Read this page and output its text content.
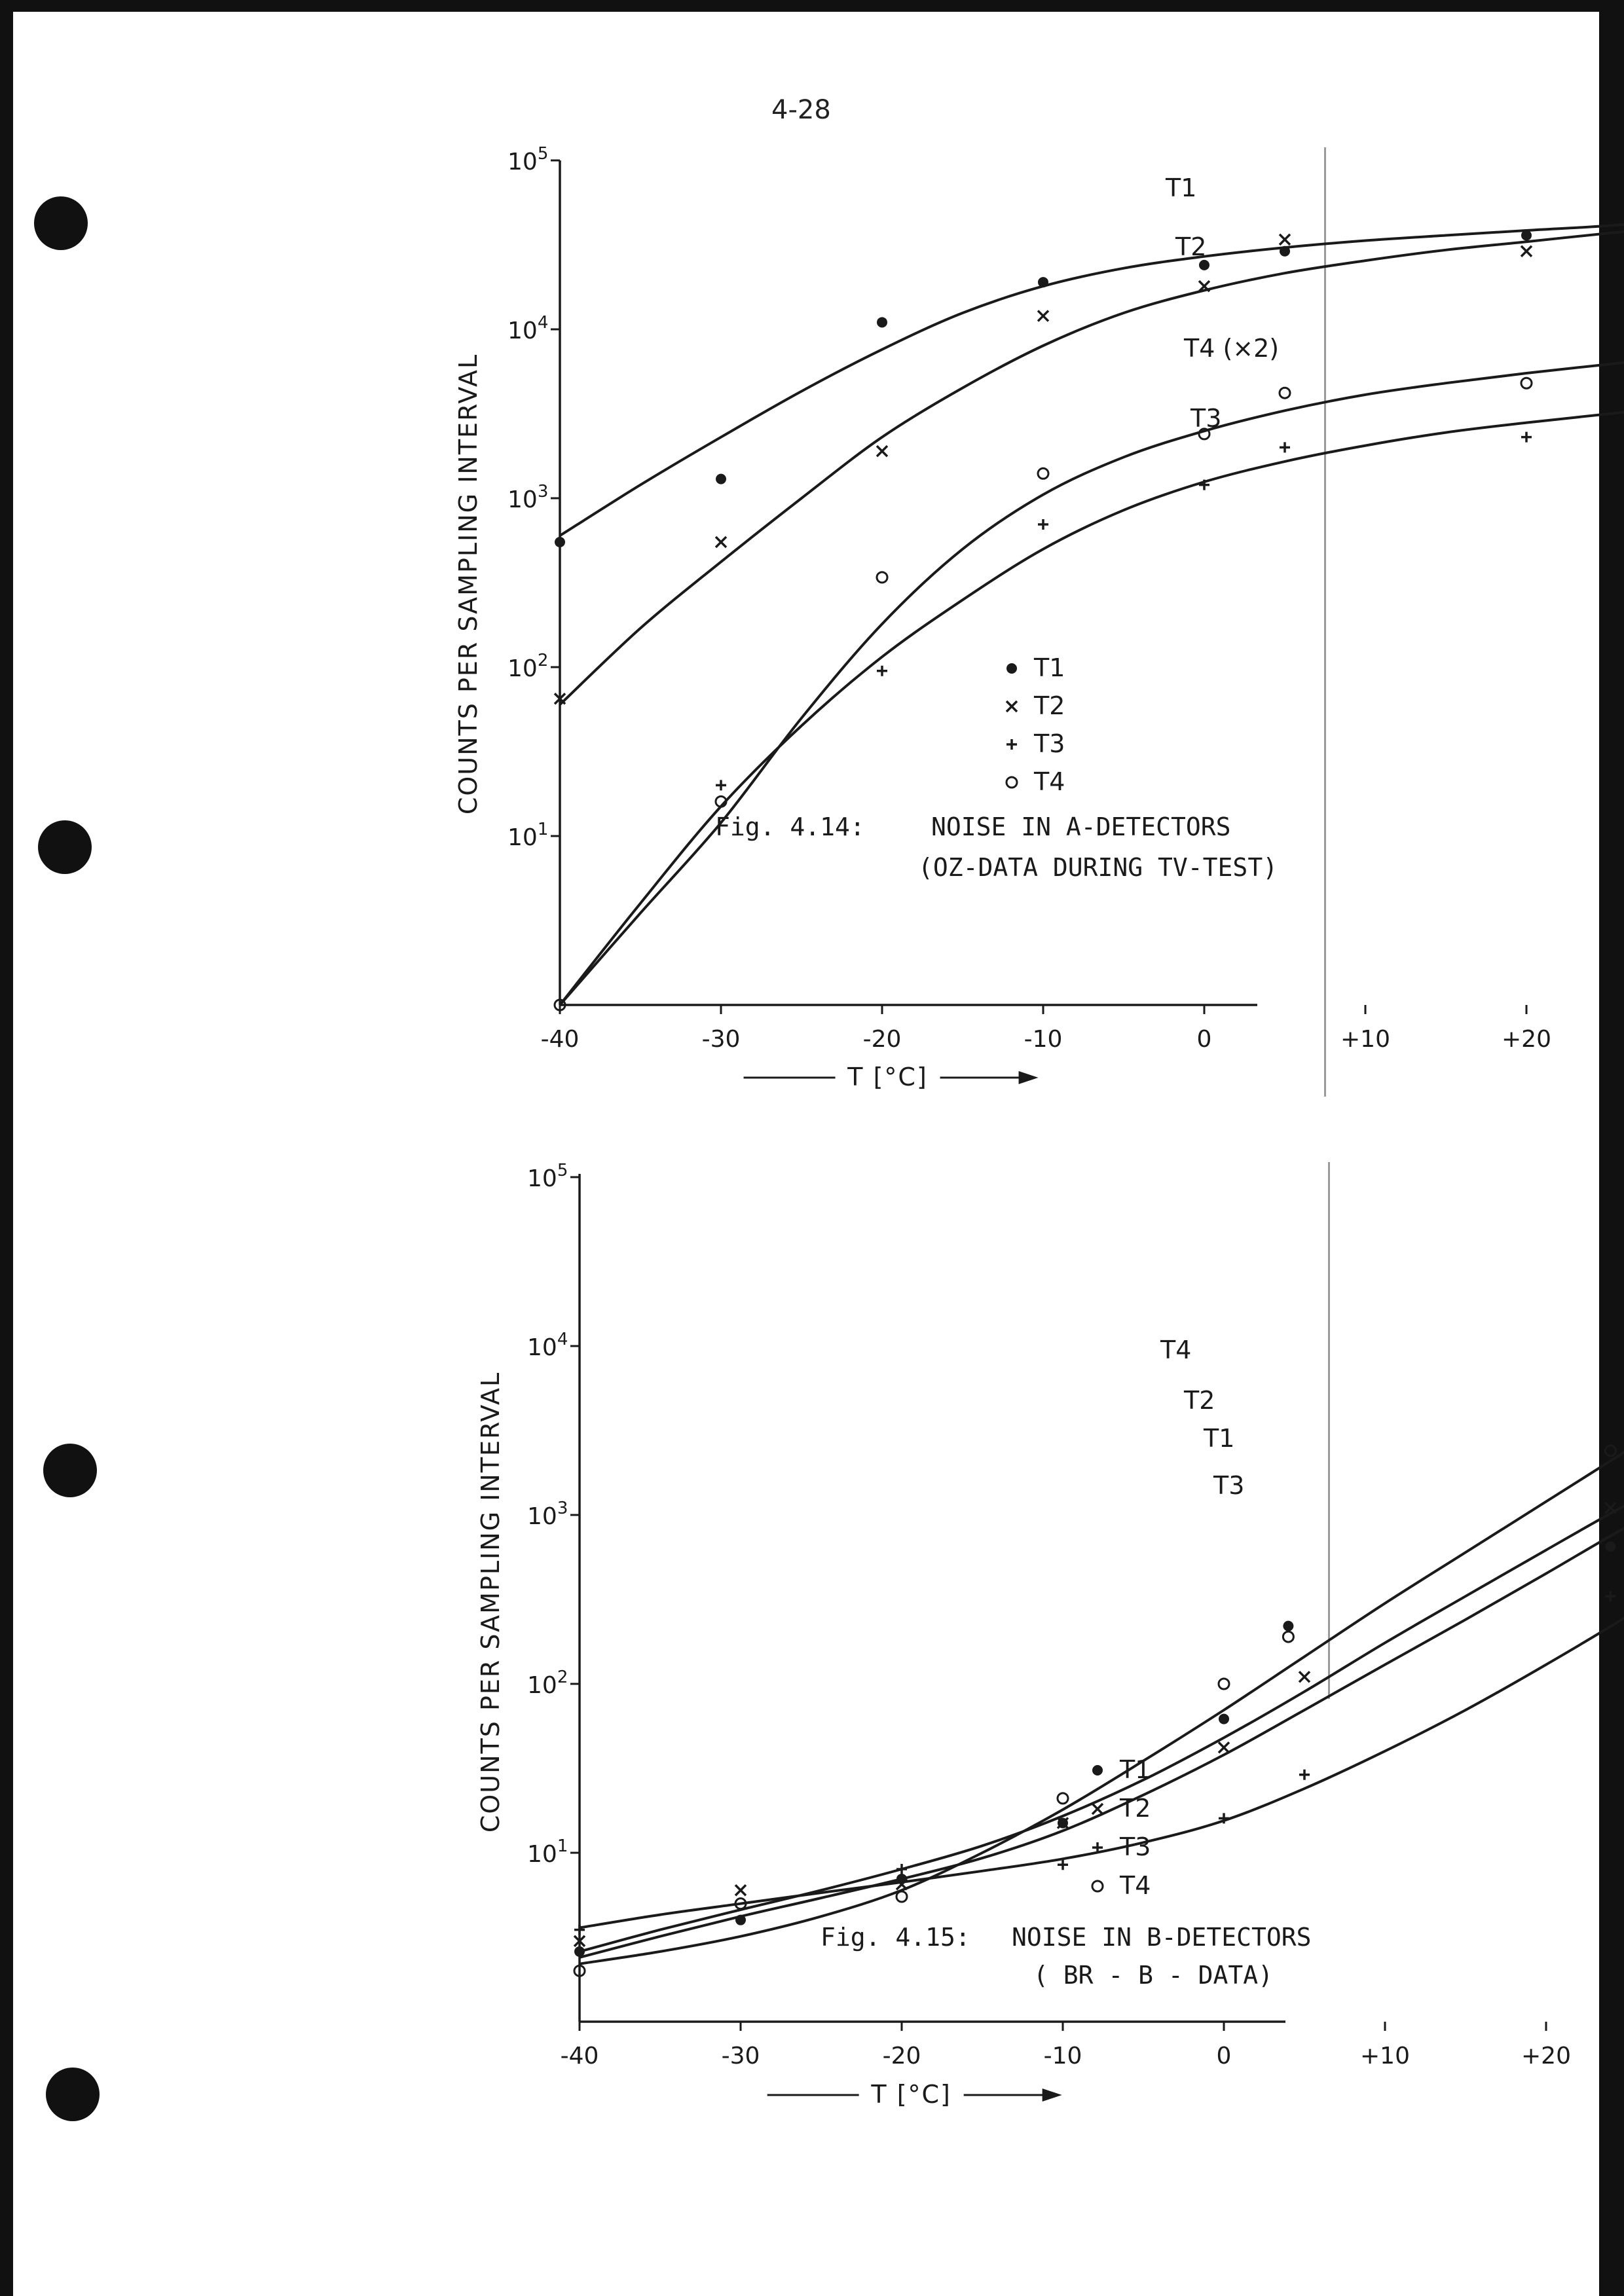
4-28
$10^1$
$10^2$
$10^3$
$10^4$
$10^5$
-40	-30	-20	-10	0	+10	+20
T [°C]
COUNTS PER SAMPLING INTERVAL
T1
T2
T3
T4 (×2)
T1
T2
T3
T4
Fig. 4.14:	NOISE IN A-DETECTORS
(OZ-DATA DURING TV-TEST)
$10^1$
$10^2$
$10^3$
$10^4$
$10^5$
-40	-30	-20	-10	0	+10	+20
T [°C]
COUNTS PER SAMPLING INTERVAL	T1
T2
T3
T4
T1
T2
T3
T4
Fig. 4.15: NOISE IN B-DETECTORS
( BR - B - DATA)
